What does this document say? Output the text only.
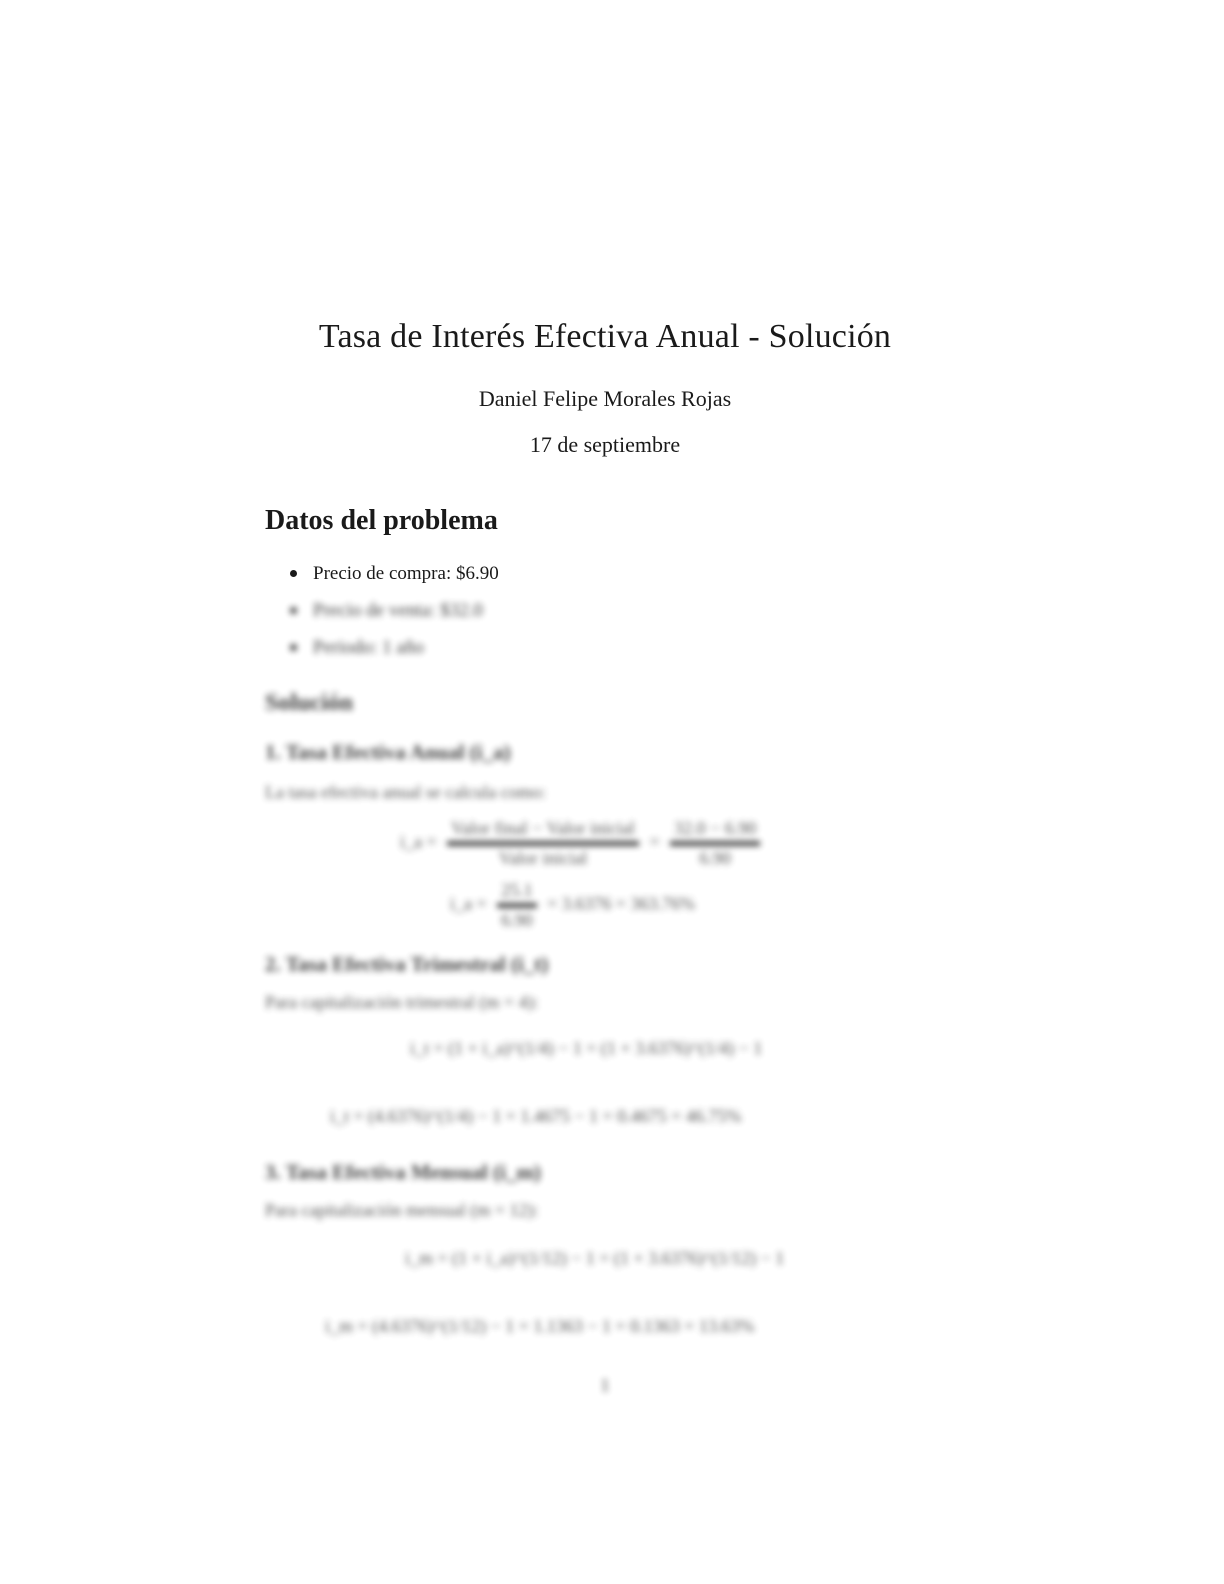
Tasa de Interés Efectiva Anual - Solución
Daniel Felipe Morales Rojas
17 de septiembre
Datos del problema
Precio de compra: $6.90
Precio de venta: $32.0
Periodo: 1 año
Solución
1. Tasa Efectiva Anual (i_a)
La tasa efectiva anual se calcula como:
i_a =
Valor final − Valor inicial
Valor inicial
=
32.0 − 6.90
6.90
i_a =
25.1
6.90
= 3.6376 = 363.76%
2. Tasa Efectiva Trimestral (i_t)
Para capitalización trimestral (m = 4):
i_t = (1 + i_a)^(1/4) − 1 = (1 + 3.6376)^(1/4) − 1
i_t = (4.6376)^(1/4) − 1 = 1.4675 − 1 = 0.4675 = 46.75%
3. Tasa Efectiva Mensual (i_m)
Para capitalización mensual (m = 12):
i_m = (1 + i_a)^(1/12) − 1 = (1 + 3.6376)^(1/12) − 1
i_m = (4.6376)^(1/12) − 1 = 1.1363 − 1 = 0.1363 = 13.63%
1
